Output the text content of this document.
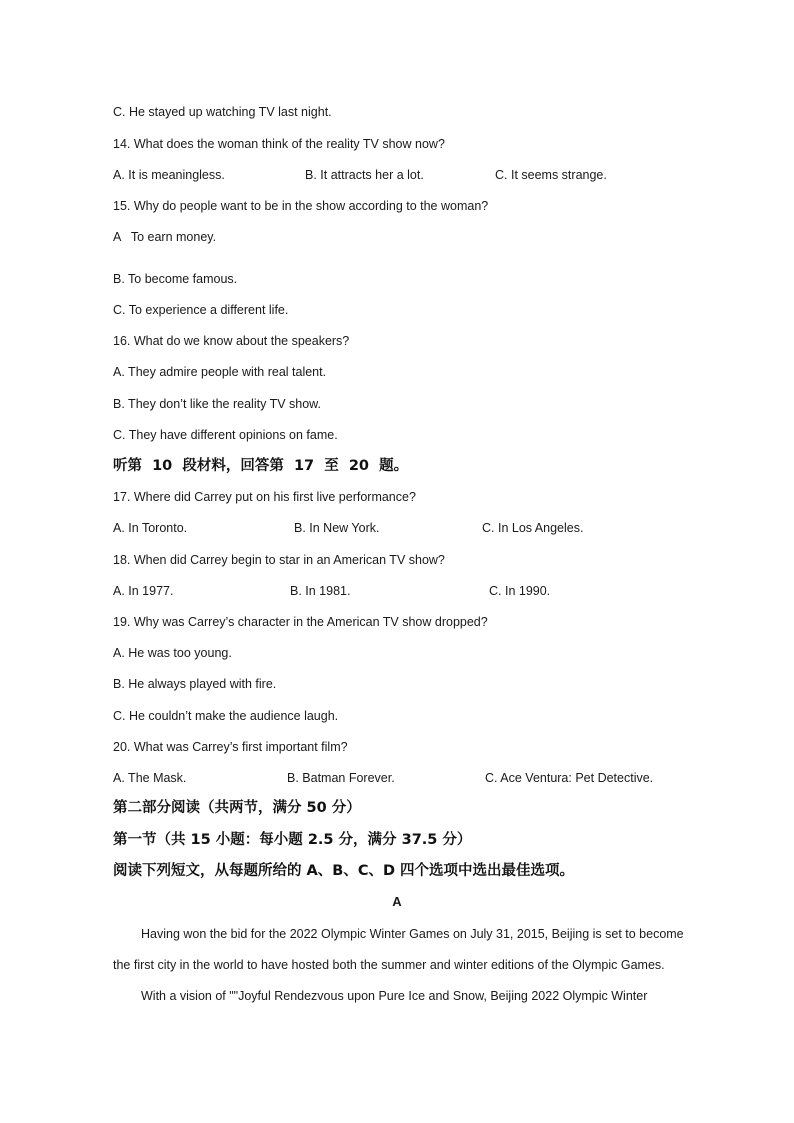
C. He stayed up watching TV last night.
14. What does the woman think of the reality TV show now?
A. It is meaningless.	B. It attracts her a lot.	C. It seems strange.
15. Why do people want to be in the show according to the woman?
A   To earn money.
B. To become famous.
C. To experience a different life.
16. What do we know about the speakers?
A. They admire people with real talent.
B. They don’t like the reality TV show.
C. They have different opinions on fame.
听第  10  段材料，回答第  17  至  20  题。
17. Where did Carrey put on his first live performance?
A. In Toronto.	B. In New York.	C. In Los Angeles.
18. When did Carrey begin to star in an American TV show?
A. In 1977.	B. In 1981.	C. In 1990.
19. Why was Carrey’s character in the American TV show dropped?
A. He was too young.
B. He always played with fire.
C. He couldn’t make the audience laugh.
20. What was Carrey’s first important film?
A. The Mask.	B. Batman Forever.	C. Ace Ventura: Pet Detective.
第二部分阅读（共两节，满分 50 分）
第一节（共 15 小题：每小题 2.5 分，满分 37.5 分）
阅读下列短文，从每题所给的 A、B、C、D 四个选项中选出最佳选项。
A
Having won the bid for the 2022 Olympic Winter Games on July 31, 2015, Beijing is set to become
the first city in the world to have hosted both the summer and winter editions of the Olympic Games.
With a vision of ""Joyful Rendezvous upon Pure Ice and Snow, Beijing 2022 Olympic Winter
